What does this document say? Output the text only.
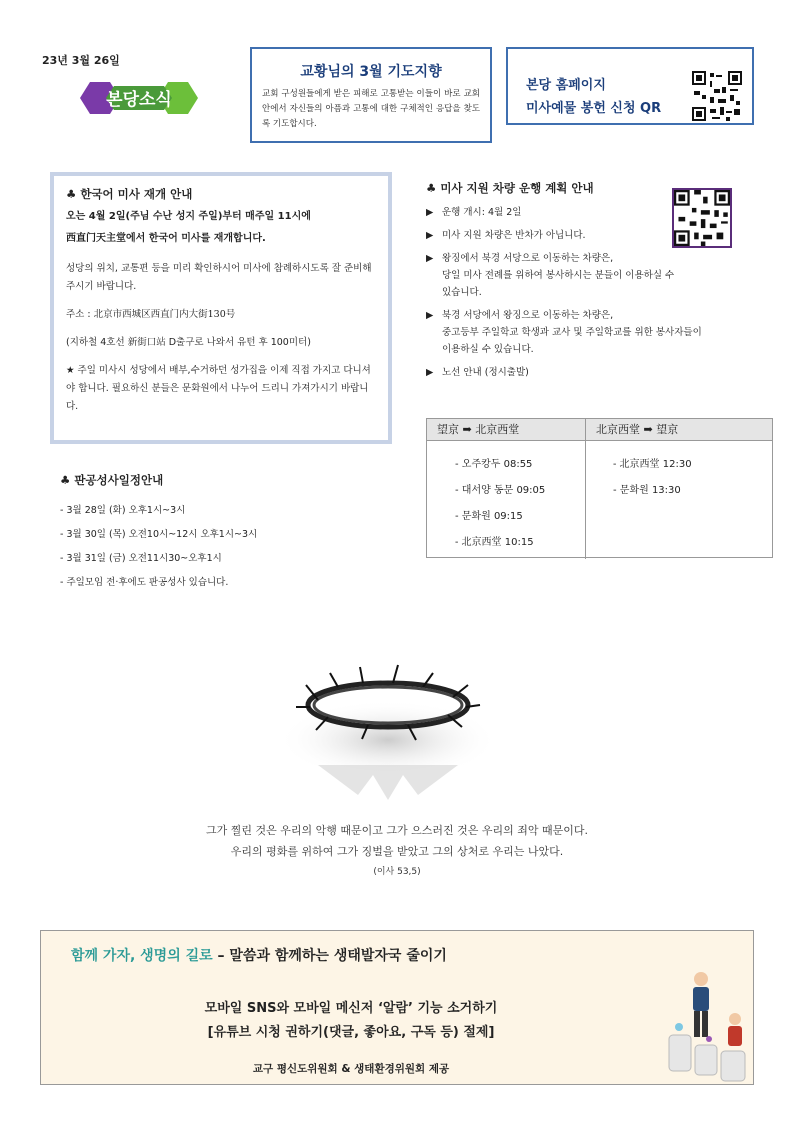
23년 3월 26일
본당소식
교황님의 3월 기도지향
교회 구성원들에게 받은 피해로 고통받는 이들이 바로 교회 안에서 자신들의 아픔과 고통에 대한 구체적인 응답을 찾도록 기도합시다.
본당 홈페이지
미사예물 봉헌 신청 QR
♣ 한국어 미사 재개 안내
오는 4월 2일(주님 수난 성지 주일)부터 매주일 11시에
西直门天主堂에서 한국어 미사를 재개합니다.
성당의 위치, 교통편 등을 미리 확인하시어 미사에 참례하시도록 잘 준비해주시기 바랍니다.
주소 : 北京市西城区西直门内大街130号
(지하철 4호선 新街口站 D출구로 나와서 유턴 후 100미터)
★ 주일 미사시 성당에서 배부,수거하던 성가집을 이제 직접 가지고 다니셔야 합니다. 필요하신 분들은 문화원에서 나누어 드리니 가져가시기 바랍니다.
♣ 판공성사일정안내
- 3월 28일 (화) 오후1시~3시
- 3월 30일 (목) 오전10시~12시 오후1시~3시
- 3월 31일 (금) 오전11시30~오후1시
- 주일모임 전·후에도 판공성사 있습니다.
♣ 미사 지원 차량 운행 계획 안내
▶ 운행 개시: 4월 2일
▶ 미사 지원 차량은 반차가 아닙니다.
▶ 왕징에서 북경 서당으로 이동하는 차량은,
당일 미사 전례를 위하여 봉사하시는 분들이 이용하실 수
있습니다.
▶ 북경 서당에서 왕징으로 이동하는 차량은,
중고등부 주일학교 학생과 교사 및 주일학교를 위한 봉사자들이
이용하실 수 있습니다.
▶ 노선 안내 (정시출발)
望京 ➡ 北京西堂	北京西堂 ➡ 望京
- 오주캉두 08:55
- 대서양 동문 09:05
- 문화원 09:15
- 北京西堂 10:15
- 北京西堂 12:30
- 문화원 13:30
그가 찔린 것은 우리의 악행 때문이고 그가 으스러진 것은 우리의 죄악 때문이다.
우리의 평화를 위하여 그가 징벌을 받았고 그의 상처로 우리는 나았다.
(이사 53,5)
함께 가자, 생명의 길로 – 말씀과 함께하는 생태발자국 줄이기
모바일 SNS와 모바일 메신저 ‘알람’ 기능 소거하기
[유튜브 시청 권하기(댓글, 좋아요, 구독 등) 절제]
교구 평신도위원회 & 생태환경위원회 제공
